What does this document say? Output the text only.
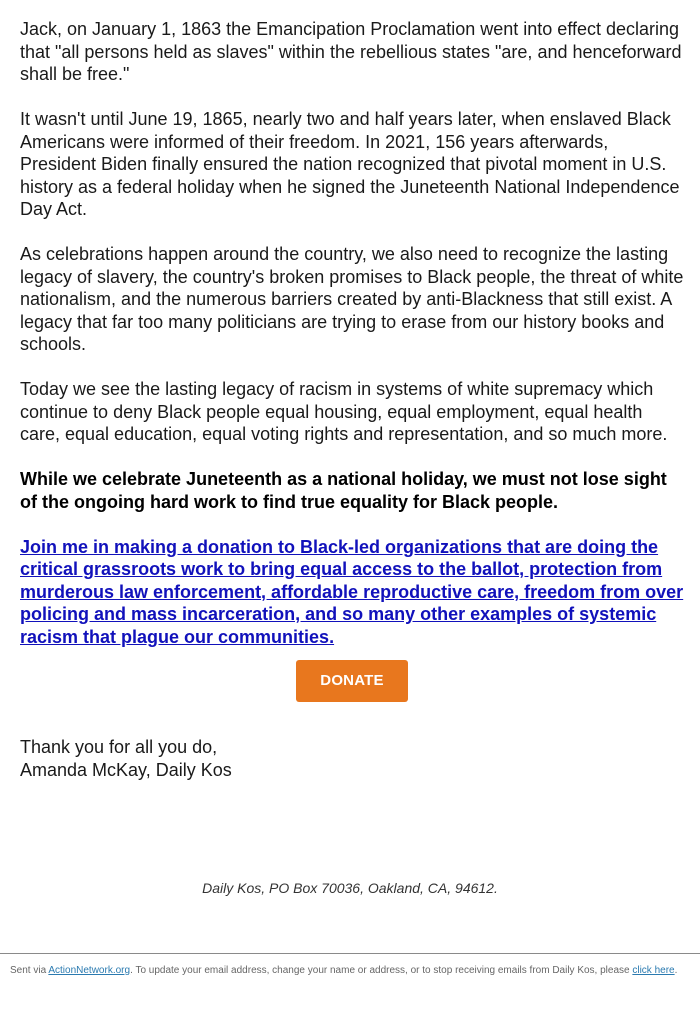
Jack, on January 1, 1863 the Emancipation Proclamation went into effect declaring that "all persons held as slaves" within the rebellious states "are, and henceforward shall be free."

It wasn't until June 19, 1865, nearly two and half years later, when enslaved Black Americans were informed of their freedom. In 2021, 156 years afterwards, President Biden finally ensured the nation recognized that pivotal moment in U.S. history as a federal holiday when he signed the Juneteenth National Independence Day Act.

As celebrations happen around the country, we also need to recognize the lasting legacy of slavery, the country's broken promises to Black people, the threat of white nationalism, and the numerous barriers created by anti-Blackness that still exist. A legacy that far too many politicians are trying to erase from our history books and schools.

Today we see the lasting legacy of racism in systems of white supremacy which continue to deny Black people equal housing, equal employment, equal health care, equal education, equal voting rights and representation, and so much more.

While we celebrate Juneteenth as a national holiday, we must not lose sight of the ongoing hard work to find true equality for Black people.

Join me in making a donation to Black-led organizations that are doing the critical grassroots work to bring equal access to the ballot, protection from murderous law enforcement, affordable reproductive care, freedom from over policing and mass incarceration, and so many other examples of systemic racism that plague our communities.

DONATE

Thank you for all you do,

Amanda McKay, Daily Kos

Daily Kos, PO Box 70036, Oakland, CA, 94612.
Sent via ActionNetwork.org. To update your email address, change your name or address, or to stop receiving emails from Daily Kos, please click here.
